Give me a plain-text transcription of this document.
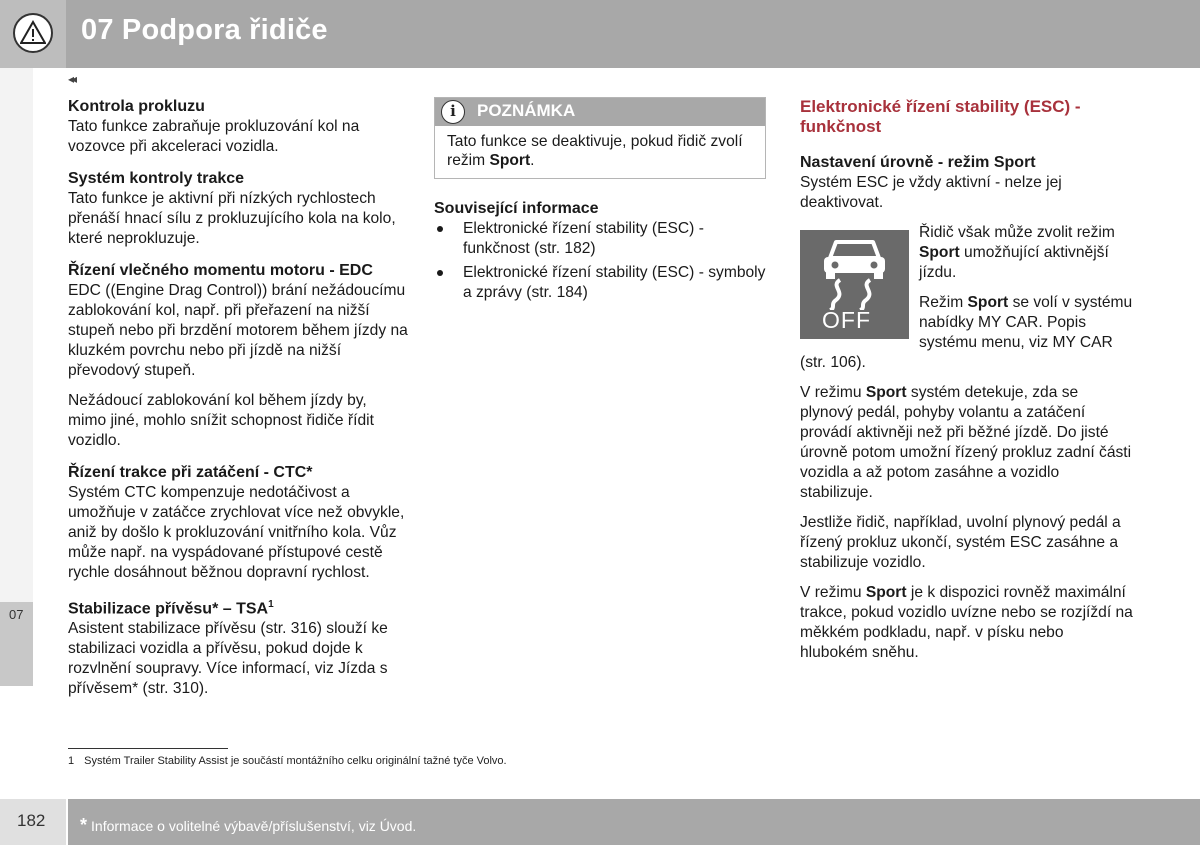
07 Podpora řidiče
◂◂
07

Kontrola prokluzu

Tato funkce zabraňuje prokluzování kol na vozovce při akceleraci vozidla.

Systém kontroly trakce

Tato funkce je aktivní při nízkých rychlostech přenáší hnací sílu z prokluzujícího kola na kolo, které neprokluzuje.

Řízení vlečného momentu motoru - EDC

EDC ((Engine Drag Control)) brání nežádoucímu zablokování kol, např. při přeřazení na nižší stupeň nebo při brzdění motorem během jízdy na kluzkém povrchu nebo při jízdě na nižší převodový stupeň.

Nežádoucí zablokování kol během jízdy by, mimo jiné, mohlo snížit schopnost řidiče řídit vozidlo.

Řízení trakce při zatáčení - CTC*

Systém CTC kompenzuje nedotáčivost a umožňuje v zatáčce zrychlovat více než obvykle, aniž by došlo k prokluzování vnitřního kola. Vůz může např. na vyspádované přístupové cestě rychle dosáhnout běžnou dopravní rychlost.

Stabilizace přívěsu* – TSA$^1$

Asistent stabilizace přívěsu (str. 316) slouží ke stabilizaci vozidla a přívěsu, pokud dojde k rozvlnění soupravy. Více informací, viz Jízda s přívěsem* (str. 310).

i	POZNÁMKA
Tato funkce se deaktivuje, pokud řidič zvolí režim Sport.

Související informace

Elektronické řízení stability (ESC) - funkčnost (str. 182)
Elektronické řízení stability (ESC) - symboly a zprávy (str. 184)

Elektronické řízení stability (ESC) - funkčnost

Nastavení úrovně - režim Sport

Systém ESC je vždy aktivní - nelze jej deaktivovat.

OFF

Řidič však může zvolit režim Sport umožňující aktivnější jízdu.

Režim Sport se volí v systému nabídky MY CAR. Popis systému menu, viz MY CAR (str. 106).

V režimu Sport systém detekuje, zda se plynový pedál, pohyby volantu a zatáčení provádí aktivněji než při běžné jízdě. Do jisté úrovně potom umožní řízený prokluz zadní části vozidla a až potom zasáhne a vozidlo stabilizuje.

Jestliže řidič, například, uvolní plynový pedál a řízený prokluz ukončí, systém ESC zasáhne a stabilizuje vozidlo.

V režimu Sport je k dispozici rovněž maximální trakce, pokud vozidlo uvízne nebo se rozjíždí na měkkém podkladu, např. v písku nebo hlubokém sněhu.

1 Systém Trailer Stability Assist je součástí montážního celku originální tažné tyče Volvo.
182 * Informace o volitelné výbavě/příslušenství, viz Úvod.
